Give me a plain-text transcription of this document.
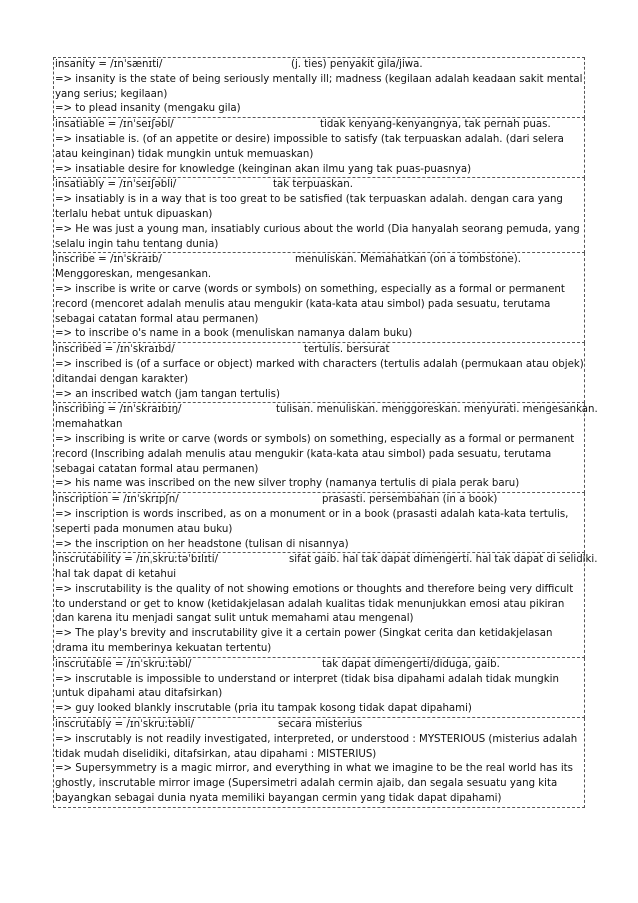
insanity = /ɪnˈsænɪti/	(j. ties) penyakit gila/jiwa.
=> insanity is the state of being seriously mentally ill; madness (kegilaan adalah keadaan sakit mental yang serius; kegilaan)
=> to plead insanity (mengaku gila)
insatiable = /ɪnˈseɪʃəbl/	tidak kenyang-kenyangnya, tak pernah puas.
=> insatiable is. (of an appetite or desire) impossible to satisfy (tak terpuaskan adalah. (dari selera atau keinginan) tidak mungkin untuk memuaskan)
=> insatiable desire for knowledge (keinginan akan ilmu yang tak puas-puasnya)
insatiably = /ɪnˈseɪʃəbli/	tak terpuaskan.
=> insatiably is in a way that is too great to be satisfied (tak terpuaskan adalah. dengan cara yang terlalu hebat untuk dipuaskan)
=> He was just a young man, insatiably curious about the world (Dia hanyalah seorang pemuda, yang selalu ingin tahu tentang dunia)
inscribe = /ɪnˈskraɪb/	menuliskan. Memahatkan (on a tombstone).
Menggoreskan, mengesankan.
=> inscribe is write or carve (words or symbols) on something, especially as a formal or permanent record (mencoret adalah menulis atau mengukir (kata-kata atau simbol) pada sesuatu, terutama sebagai catatan formal atau permanen)
=> to inscribe o's name in a book (menuliskan namanya dalam buku)
inscribed = /ɪnˈskraɪbd/	tertulis. bersurat
=> inscribed is (of a surface or object) marked with characters (tertulis adalah (permukaan atau objek) ditandai dengan karakter)
=> an inscribed watch (jam tangan tertulis)
inscribing = /ɪnˈskraɪbɪŋ/	tulisan. menuliskan. menggoreskan. menyurati. mengesankan.
memahatkan
=> inscribing is write or carve (words or symbols) on something, especially as a formal or permanent record (Inscribing adalah menulis atau mengukir (kata-kata atau simbol) pada sesuatu, terutama sebagai catatan formal atau permanen)
=> his name was inscribed on the new silver trophy (namanya tertulis di piala perak baru)
inscription = /ɪnˈskrɪpʃn/	prasasti. persembahan (in a book)
=> inscription is words inscribed, as on a monument or in a book (prasasti adalah kata-kata tertulis, seperti pada monumen atau buku)
=> the inscription on her headstone (tulisan di nisannya)
inscrutability = /ɪnˌskruːtəˈbɪlɪti/	sifat gaib. hal tak dapat dimengerti. hal tak dapat di selidiki.
hal tak dapat di ketahui
=> inscrutability is the quality of not showing emotions or thoughts and therefore being very difficult to understand or get to know (ketidakjelasan adalah kualitas tidak menunjukkan emosi atau pikiran dan karena itu menjadi sangat sulit untuk memahami atau mengenal)
=> The play's brevity and inscrutability give it a certain power (Singkat cerita dan ketidakjelasan drama itu memberinya kekuatan tertentu)
inscrutable = /ɪnˈskruːtəbl/	tak dapat dimengerti/diduga, gaib.
=> inscrutable is impossible to understand or interpret (tidak bisa dipahami adalah tidak mungkin untuk dipahami atau ditafsirkan)
=> guy looked blankly inscrutable (pria itu tampak kosong tidak dapat dipahami)
inscrutably = /ɪnˈskruːtəbli/	secara misterius
=> inscrutably is not readily investigated, interpreted, or understood : MYSTERIOUS (misterius adalah tidak mudah diselidiki, ditafsirkan, atau dipahami : MISTERIUS)
=> Supersymmetry is a magic mirror, and everything in what we imagine to be the real world has its ghostly, inscrutable mirror image (Supersimetri adalah cermin ajaib, dan segala sesuatu yang kita bayangkan sebagai dunia nyata memiliki bayangan cermin yang tidak dapat dipahami)
